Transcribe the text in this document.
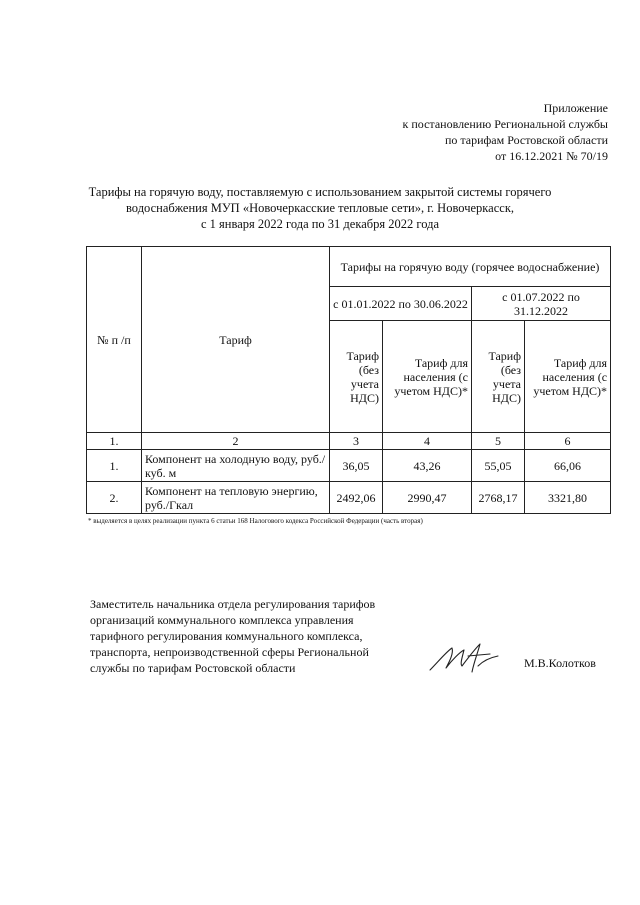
Приложение
к постановлению Региональной службы
по тарифам Ростовской области
от 16.12.2021 № 70/19
Тарифы на горячую воду, поставляемую с использованием закрытой системы горячего
водоснабжения МУП «Новочеркасские тепловые сети», г. Новочеркасск,
с 1 января 2022 года по 31 декабря 2022 года
№ п /п	Тариф	Тарифы на горячую воду (горячее водоснабжение)			
		с 01.01.2022 по 30.06.2022		с 01.07.2022 по 31.12.2022	
		Тариф (без учета НДС)	Тариф для населения (с учетом НДС)*	Тариф (без учета НДС)	Тариф для населения (с учетом НДС)*
1.	2	3	4	5	6
1.	Компонент на холодную воду, руб./куб. м	36,05	43,26	55,05	66,06
2.	Компонент на тепловую энергию, руб./Гкал	2492,06	2990,47	2768,17	3321,80
* выделяется в целях реализации пункта 6 статьи 168 Налогового кодекса Российской Федерации (часть вторая)
Заместитель начальника отдела регулирования тарифов
организаций коммунального комплекса управления
тарифного регулирования коммунального комплекса,
транспорта, непроизводственной сферы Региональной
службы по тарифам Ростовской области	М.В.Колотков
